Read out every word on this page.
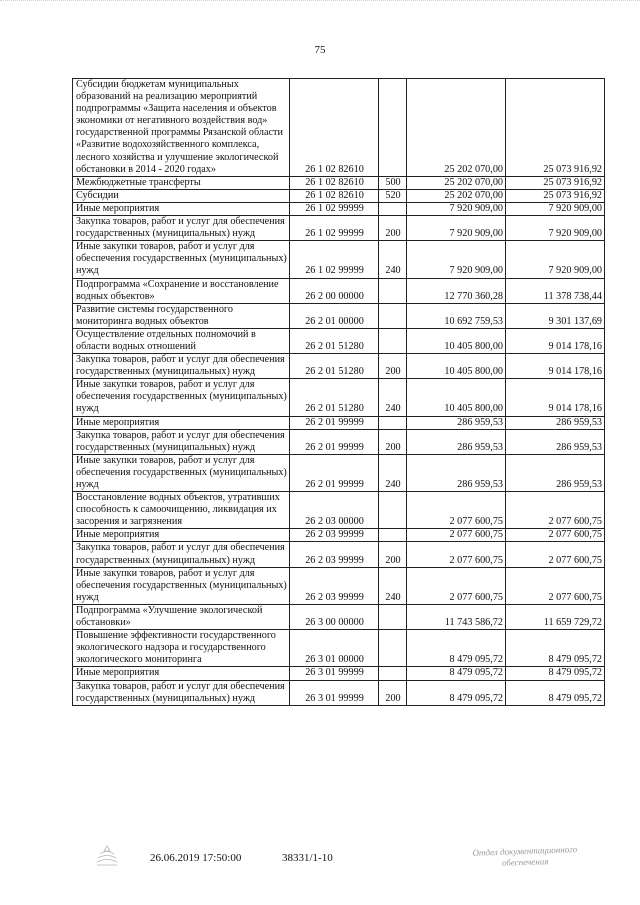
75
Субсидии бюджетам муниципальных образований на реализацию мероприятий подпрограммы «Защита населения и объектов экономики от негативного воздействия вод» государственной программы Рязанской области «Развитие водохозяйственного комплекса, лесного хозяйства и улучшение экологической обстановки в 2014 - 2020 годах»	26 1 02 82610		25 202 070,00	25 073 916,92
Межбюджетные трансферты	26 1 02 82610	500	25 202 070,00	25 073 916,92
Субсидии	26 1 02 82610	520	25 202 070,00	25 073 916,92
Иные мероприятия	26 1 02 99999		7 920 909,00	7 920 909,00
Закупка товаров, работ и услуг для обеспечения государственных (муниципальных) нужд	26 1 02 99999	200	7 920 909,00	7 920 909,00
Иные закупки товаров, работ и услуг для обеспечения государственных (муниципальных) нужд	26 1 02 99999	240	7 920 909,00	7 920 909,00
Подпрограмма «Сохранение и восстановление водных объектов»	26 2 00 00000		12 770 360,28	11 378 738,44
Развитие системы государственного мониторинга водных объектов	26 2 01 00000		10 692 759,53	9 301 137,69
Осуществление отдельных полномочий в области водных отношений	26 2 01 51280		10 405 800,00	9 014 178,16
Закупка товаров, работ и услуг для обеспечения государственных (муниципальных) нужд	26 2 01 51280	200	10 405 800,00	9 014 178,16
Иные закупки товаров, работ и услуг для обеспечения государственных (муниципальных) нужд	26 2 01 51280	240	10 405 800,00	9 014 178,16
Иные мероприятия	26 2 01 99999		286 959,53	286 959,53
Закупка товаров, работ и услуг для обеспечения государственных (муниципальных) нужд	26 2 01 99999	200	286 959,53	286 959,53
Иные закупки товаров, работ и услуг для обеспечения государственных (муниципальных) нужд	26 2 01 99999	240	286 959,53	286 959,53
Восстановление водных объектов, утративших способность к самоочищению, ликвидация их засорения и загрязнения	26 2 03 00000		2 077 600,75	2 077 600,75
Иные мероприятия	26 2 03 99999		2 077 600,75	2 077 600,75
Закупка товаров, работ и услуг для обеспечения государственных (муниципальных) нужд	26 2 03 99999	200	2 077 600,75	2 077 600,75
Иные закупки товаров, работ и услуг для обеспечения государственных (муниципальных) нужд	26 2 03 99999	240	2 077 600,75	2 077 600,75
Подпрограмма «Улучшение экологической обстановки»	26 3 00 00000		11 743 586,72	11 659 729,72
Повышение эффективности государственного экологического надзора и государственного экологического мониторинга	26 3 01 00000		8 479 095,72	8 479 095,72
Иные мероприятия	26 3 01 99999		8 479 095,72	8 479 095,72
Закупка товаров, работ и услуг для обеспечения государственных (муниципальных) нужд	26 3 01 99999	200	8 479 095,72	8 479 095,72
26.06.2019 17:50:00	38331/1-10
Отдел документационного обеспечения
